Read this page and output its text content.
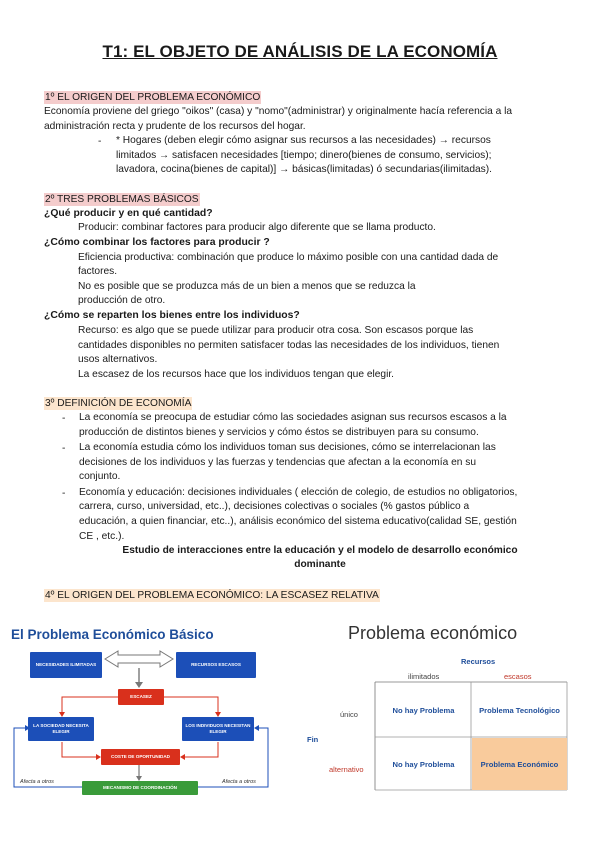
T1: EL OBJETO DE ANÁLISIS DE LA ECONOMÍA
1º EL ORIGEN DEL PROBLEMA ECONÓMICO
Economía proviene del griego "oikos" (casa) y "nomo"(administrar) y originalmente hacía referencia a la
administración recta y prudente de los recursos del hogar.
- * Hogares (deben elegir cómo asignar sus recursos a las necesidades) → recursos
limitados → satisfacen necesidades [tiempo; dinero(bienes de consumo, servicios);
lavadora, cocina(bienes de capital)] → básicas(limitadas) ó secundarias(ilimitadas).
2º TRES PROBLEMAS BÁSICOS
¿Qué producir y en qué cantidad?
Producir: combinar factores para producir algo diferente que se llama producto.
¿Cómo combinar los factores para producir ?
Eficiencia productiva: combinación que produce lo máximo posible con una cantidad dada de
factores.
No es posible que se produzca más de un bien a menos que se reduzca la
producción de otro.
¿Cómo se reparten los bienes entre los individuos?
Recurso: es algo que se puede utilizar para producir otra cosa. Son escasos porque las
cantidades disponibles no permiten satisfacer todas las necesidades de los individuos, tienen
usos alternativos.
La escasez de los recursos hace que los individuos tengan que elegir.
3º DEFINICIÓN DE ECONOMÍA
- La economía se preocupa de estudiar cómo las sociedades asignan sus recursos escasos a la
producción de distintos bienes y servicios y cómo éstos se distribuyen para su consumo.
- La economía estudia cómo los individuos toman sus decisiones, cómo se interrelacionan las
decisiones de los individuos y las fuerzas y tendencias que afectan a la economía en su
conjunto.
- Economía y educación: decisiones individuales ( elección de colegio, de estudios no obligatorios,
carrera, curso, universidad, etc..), decisiones colectivas o sociales (% gastos público a
educación, a quien financiar, etc..), análisis económico del sistema educativo(calidad SE, gestión
CE , etc.).
Estudio de interacciones entre la educación y el modelo de desarrollo económico
dominante
4º EL ORIGEN DEL PROBLEMA ECONÓMICO: LA ESCASEZ RELATIVA
El Problema Económico Básico
NECESIDADES ILIMITADAS	RECURSOS ESCASOS
ESCASEZ
LA SOCIEDAD NECESITA ELEGIR
LOS INDIVIDUOS NECESITAN ELEGIR
COSTE DE OPORTUNIDAD
MECANISMO DE COORDINACIÓN
Afecta a otros	Afecta a otros
Problema económico
Recursos
ilimitados	escasos
Fin
único
alternativo
No hay Problema	Problema Tecnológico
No hay Problema	Problema Económico
